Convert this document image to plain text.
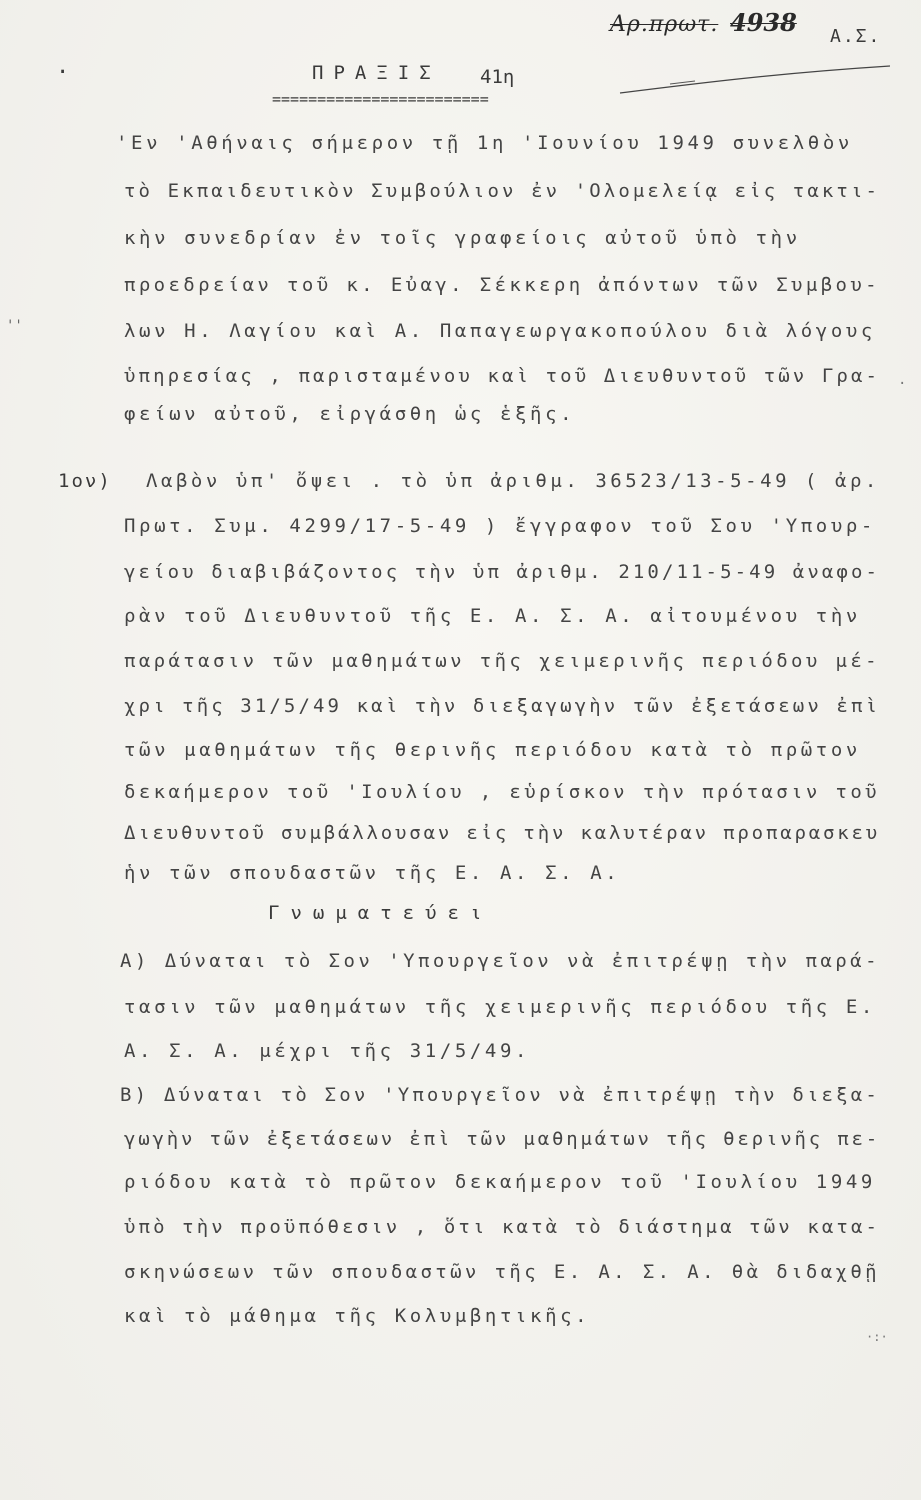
Αρ.πρωτ. 4938 Α.Σ.
·	ΠΡΑΞΙΣ 41η
========================
''
.
'Εν 'Αθήναις σήμερον τῇ 1η 'Ιουνίου 1949 συνελθὸν
τὸ Εκπαιδευτικὸν Συμβούλιον ἐν 'Ολομελείᾳ εἰς τακτι-
κὴν συνεδρίαν ἐν τοῖς γραφείοις αὐτοῦ ὑπὸ τὴν
προεδρείαν τοῦ κ. Εὐαγ. Σέκκερη ἀπόντων τῶν Συμβου-
λων Η. Λαγίου καὶ Α. Παπαγεωργακοπούλου διὰ λόγους
ὑπηρεσίας , παρισταμένου καὶ τοῦ Διευθυντοῦ τῶν Γρα-
φείων αὐτοῦ, εἰργάσθη ὡς ἑξῆς.
1ον) Λαβὸν ὑπ' ὄψει . τὸ ὑπ ἀριθμ. 36523/13-5-49 ( ἀρ.
Πρωτ. Συμ. 4299/17-5-49 ) ἔγγραφον τοῦ Σου 'Υπουρ-
γείου διαβιβάζοντος τὴν ὑπ ἀριθμ. 210/11-5-49 ἀναφο-
ρὰν τοῦ Διευθυντοῦ τῆς Ε. Α. Σ. Α. αἰτουμένου τὴν
παράτασιν τῶν μαθημάτων τῆς χειμερινῆς περιόδου μέ-
χρι τῆς 31/5/49 καὶ τὴν διεξαγωγὴν τῶν ἐξετάσεων ἐπὶ
τῶν μαθημάτων τῆς θερινῆς περιόδου κατὰ τὸ πρῶτον
δεκαήμερον τοῦ 'Ιουλίου , εὑρίσκον τὴν πρότασιν τοῦ
Διευθυντοῦ συμβάλλουσαν εἰς τὴν καλυτέραν προπαρασκευ
ἡν τῶν σπουδαστῶν τῆς Ε. Α. Σ. Α.
Γνωματεύει
Α) Δύναται τὸ Σον 'Υπουργεῖον νὰ ἐπιτρέψῃ τὴν παρά-
τασιν τῶν μαθημάτων τῆς χειμερινῆς περιόδου τῆς Ε.
Α. Σ. Α. μέχρι τῆς 31/5/49.
Β) Δύναται τὸ Σον 'Υπουργεῖον νὰ ἐπιτρέψῃ τὴν διεξα-
γωγὴν τῶν ἐξετάσεων ἐπὶ τῶν μαθημάτων τῆς θερινῆς πε-
ριόδου κατὰ τὸ πρῶτον δεκαήμερον τοῦ 'Ιουλίου 1949
ὑπὸ τὴν προϋπόθεσιν , ὅτι κατὰ τὸ διάστημα τῶν κατα-
σκηνώσεων τῶν σπουδαστῶν τῆς Ε. Α. Σ. Α. θὰ διδαχθῇ
καὶ τὸ μάθημα τῆς Κολυμβητικῆς.
·:·
